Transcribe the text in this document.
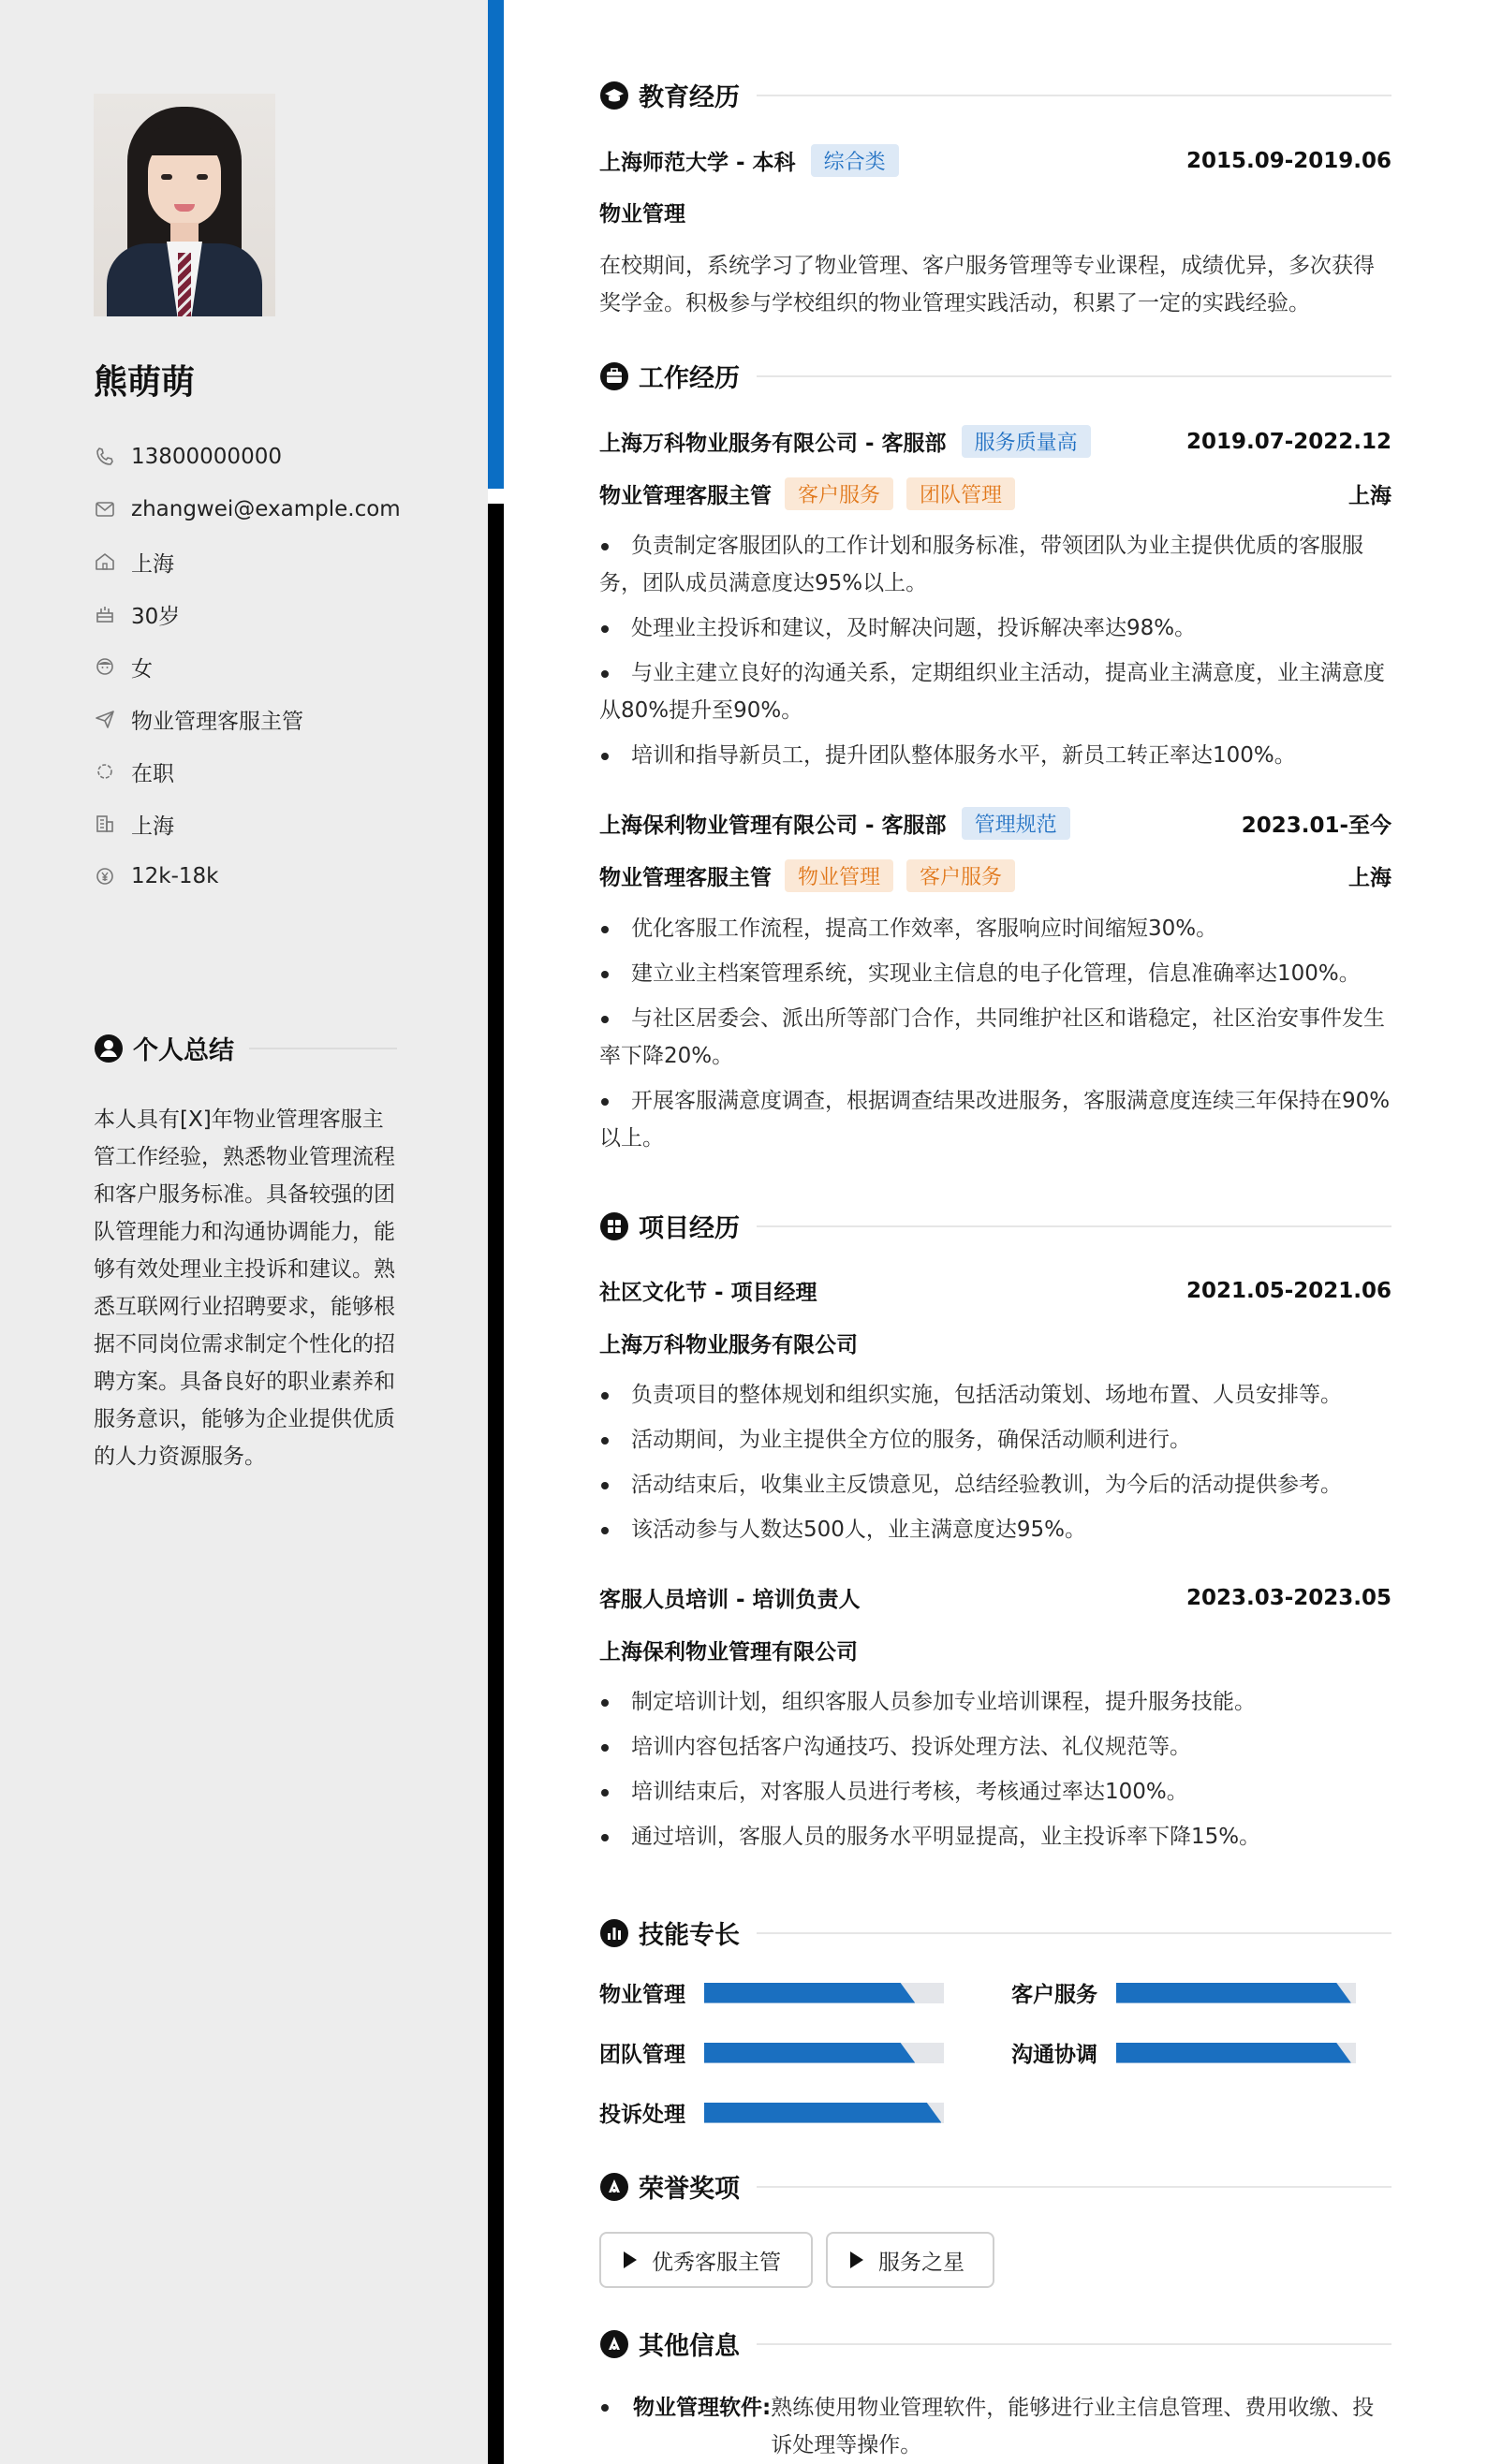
熊萌萌
13800000000
zhangwei@example.com
上海
30岁
女
物业管理客服主管
在职
上海
12k-18k
个人总结
本人具有[X]年物业管理客服主管工作经验，熟悉物业管理流程和客户服务标准。具备较强的团队管理能力和沟通协调能力，能够有效处理业主投诉和建议。熟悉互联网行业招聘要求，能够根据不同岗位需求制定个性化的招聘方案。具备良好的职业素养和服务意识，能够为企业提供优质的人力资源服务。
教育经历
上海师范大学 - 本科	综合类	2015.09-2019.06
物业管理
在校期间，系统学习了物业管理、客户服务管理等专业课程，成绩优异，多次获得奖学金。积极参与学校组织的物业管理实践活动，积累了一定的实践经验。
工作经历
上海万科物业服务有限公司 - 客服部	服务质量高	2019.07-2022.12
物业管理客服主管	客户服务	团队管理	上海
负责制定客服团队的工作计划和服务标准，带领团队为业主提供优质的客服服务，团队成员满意度达95%以上。
处理业主投诉和建议，及时解决问题，投诉解决率达98%。
与业主建立良好的沟通关系，定期组织业主活动，提高业主满意度，业主满意度从80%提升至90%。
培训和指导新员工，提升团队整体服务水平，新员工转正率达100%。
上海保利物业管理有限公司 - 客服部	管理规范	2023.01-至今
物业管理客服主管	物业管理	客户服务	上海
优化客服工作流程，提高工作效率，客服响应时间缩短30%。
建立业主档案管理系统，实现业主信息的电子化管理，信息准确率达100%。
与社区居委会、派出所等部门合作，共同维护社区和谐稳定，社区治安事件发生率下降20%。
开展客服满意度调查，根据调查结果改进服务，客服满意度连续三年保持在90%以上。
项目经历
社区文化节 - 项目经理	2021.05-2021.06
上海万科物业服务有限公司
负责项目的整体规划和组织实施，包括活动策划、场地布置、人员安排等。
活动期间，为业主提供全方位的服务，确保活动顺利进行。
活动结束后，收集业主反馈意见，总结经验教训，为今后的活动提供参考。
该活动参与人数达500人，业主满意度达95%。
客服人员培训 - 培训负责人	2023.03-2023.05
上海保利物业管理有限公司
制定培训计划，组织客服人员参加专业培训课程，提升服务技能。
培训内容包括客户沟通技巧、投诉处理方法、礼仪规范等。
培训结束后，对客服人员进行考核，考核通过率达100%。
通过培训，客服人员的服务水平明显提高，业主投诉率下降15%。
技能专长
物业管理	客户服务
团队管理	沟通协调
投诉处理
荣誉奖项
优秀客服主管	服务之星
其他信息
物业管理软件: 熟练使用物业管理软件，能够进行业主信息管理、费用收缴、投诉处理等操作。
